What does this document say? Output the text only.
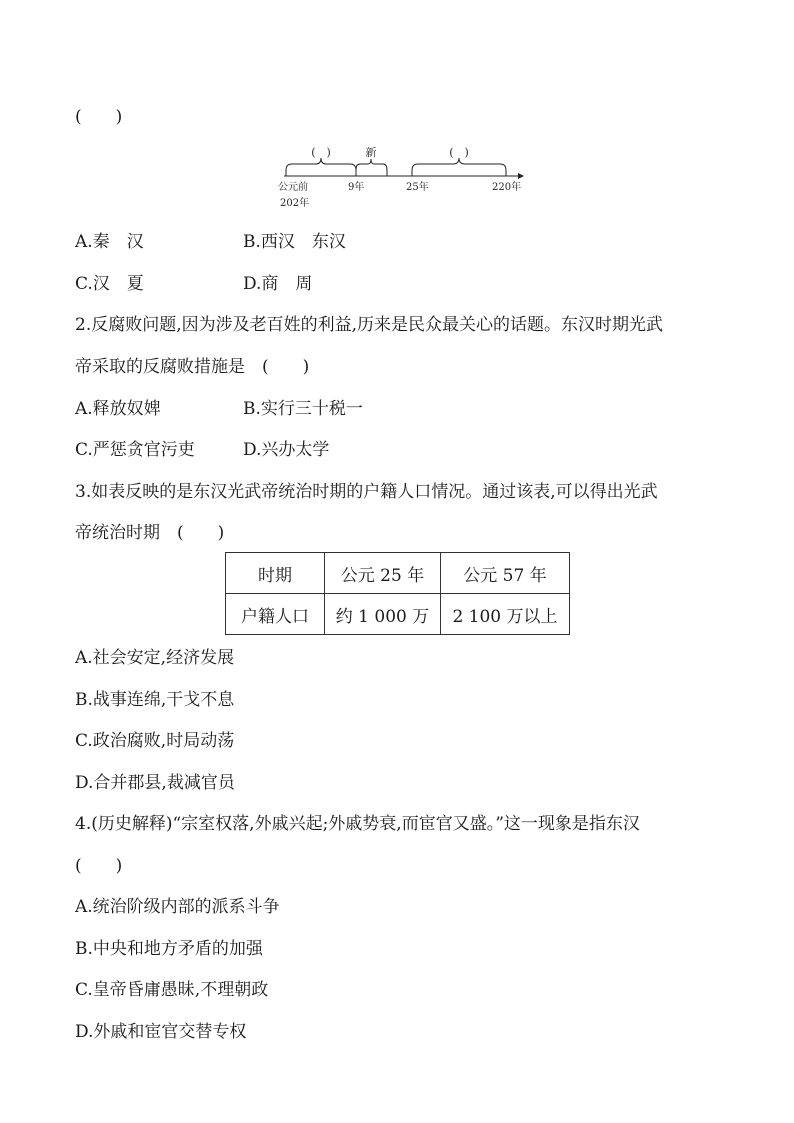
(　　)
(　)	新	(　)
公元前
202年
9年	25年	220年
A.秦　汉	B.西汉　东汉
C.汉　夏	D.商　周
2.反腐败问题,因为涉及老百姓的利益,历来是民众最关心的话题。东汉时期光武
帝采取的反腐败措施是　(　　)
A.释放奴婢	B.实行三十税一
C.严惩贪官污吏	D.兴办太学
3.如表反映的是东汉光武帝统治时期的户籍人口情况。通过该表,可以得出光武
帝统治时期　(　　)
时期	公元 25 年	公元 57 年
户籍人口	约 1 000 万	2 100 万以上
A.社会安定,经济发展
B.战事连绵,干戈不息
C.政治腐败,时局动荡
D.合并郡县,裁减官员
4.(历史解释)“宗室权落,外戚兴起;外戚势衰,而宦官又盛。”这一现象是指东汉
(　　)
A.统治阶级内部的派系斗争
B.中央和地方矛盾的加强
C.皇帝昏庸愚昧,不理朝政
D.外戚和宦官交替专权
